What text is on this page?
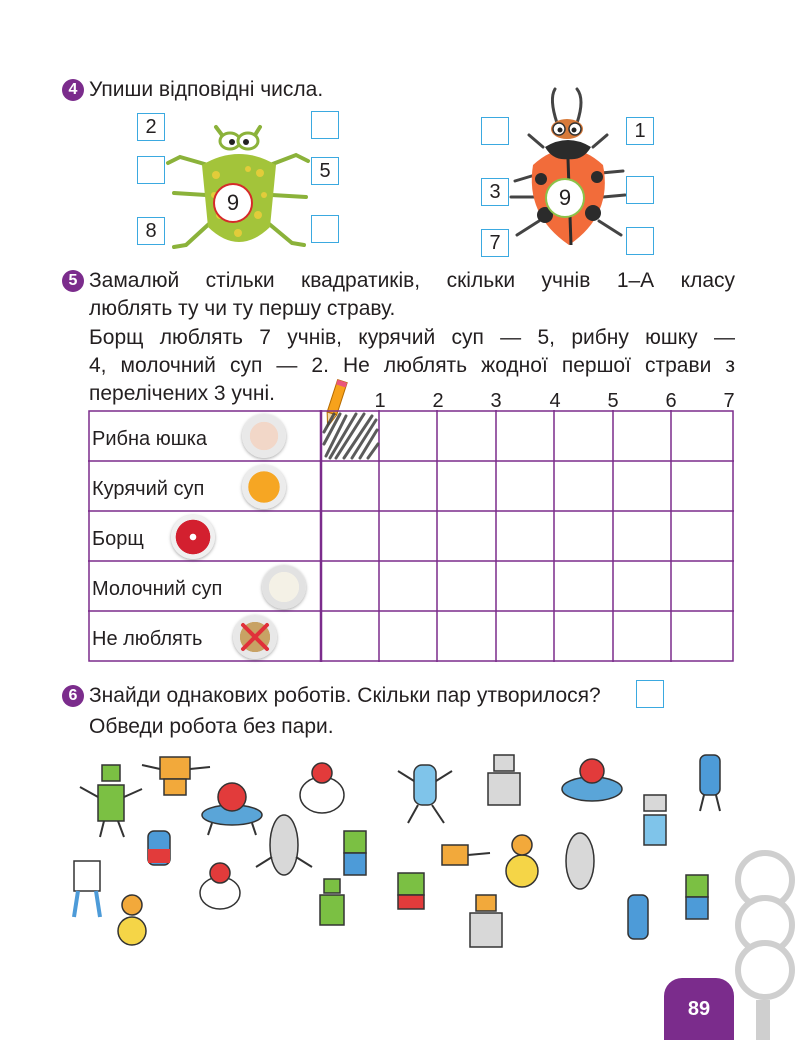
4 Упиши відповідні числа.
9
2
8
5
9
3
7
1
5 Замалюй стільки квадратиків, скільки учнів 1–А класу
люблять ту чи ту першу страву.
Борщ люблять 7 учнів, курячий суп — 5, рибну юшку —
4, молочний суп — 2. Не люблять жодної першої страви з
перелічених 3 учні.	1 2 3 4 5 6 7
Рибна юшка
Курячий суп
Борщ
Молочний суп
Не люблять
6 Знайди однакових роботів. Скільки пар утворилося?
Обведи робота без пари.
89
